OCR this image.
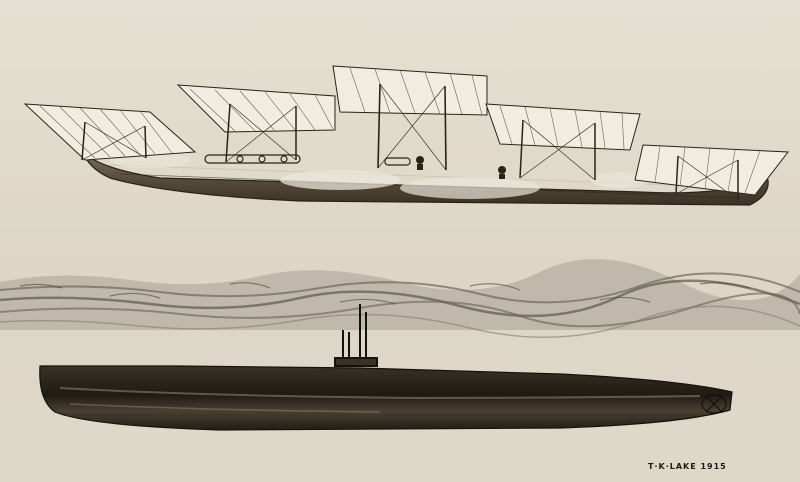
T·K·LAKE 1915
